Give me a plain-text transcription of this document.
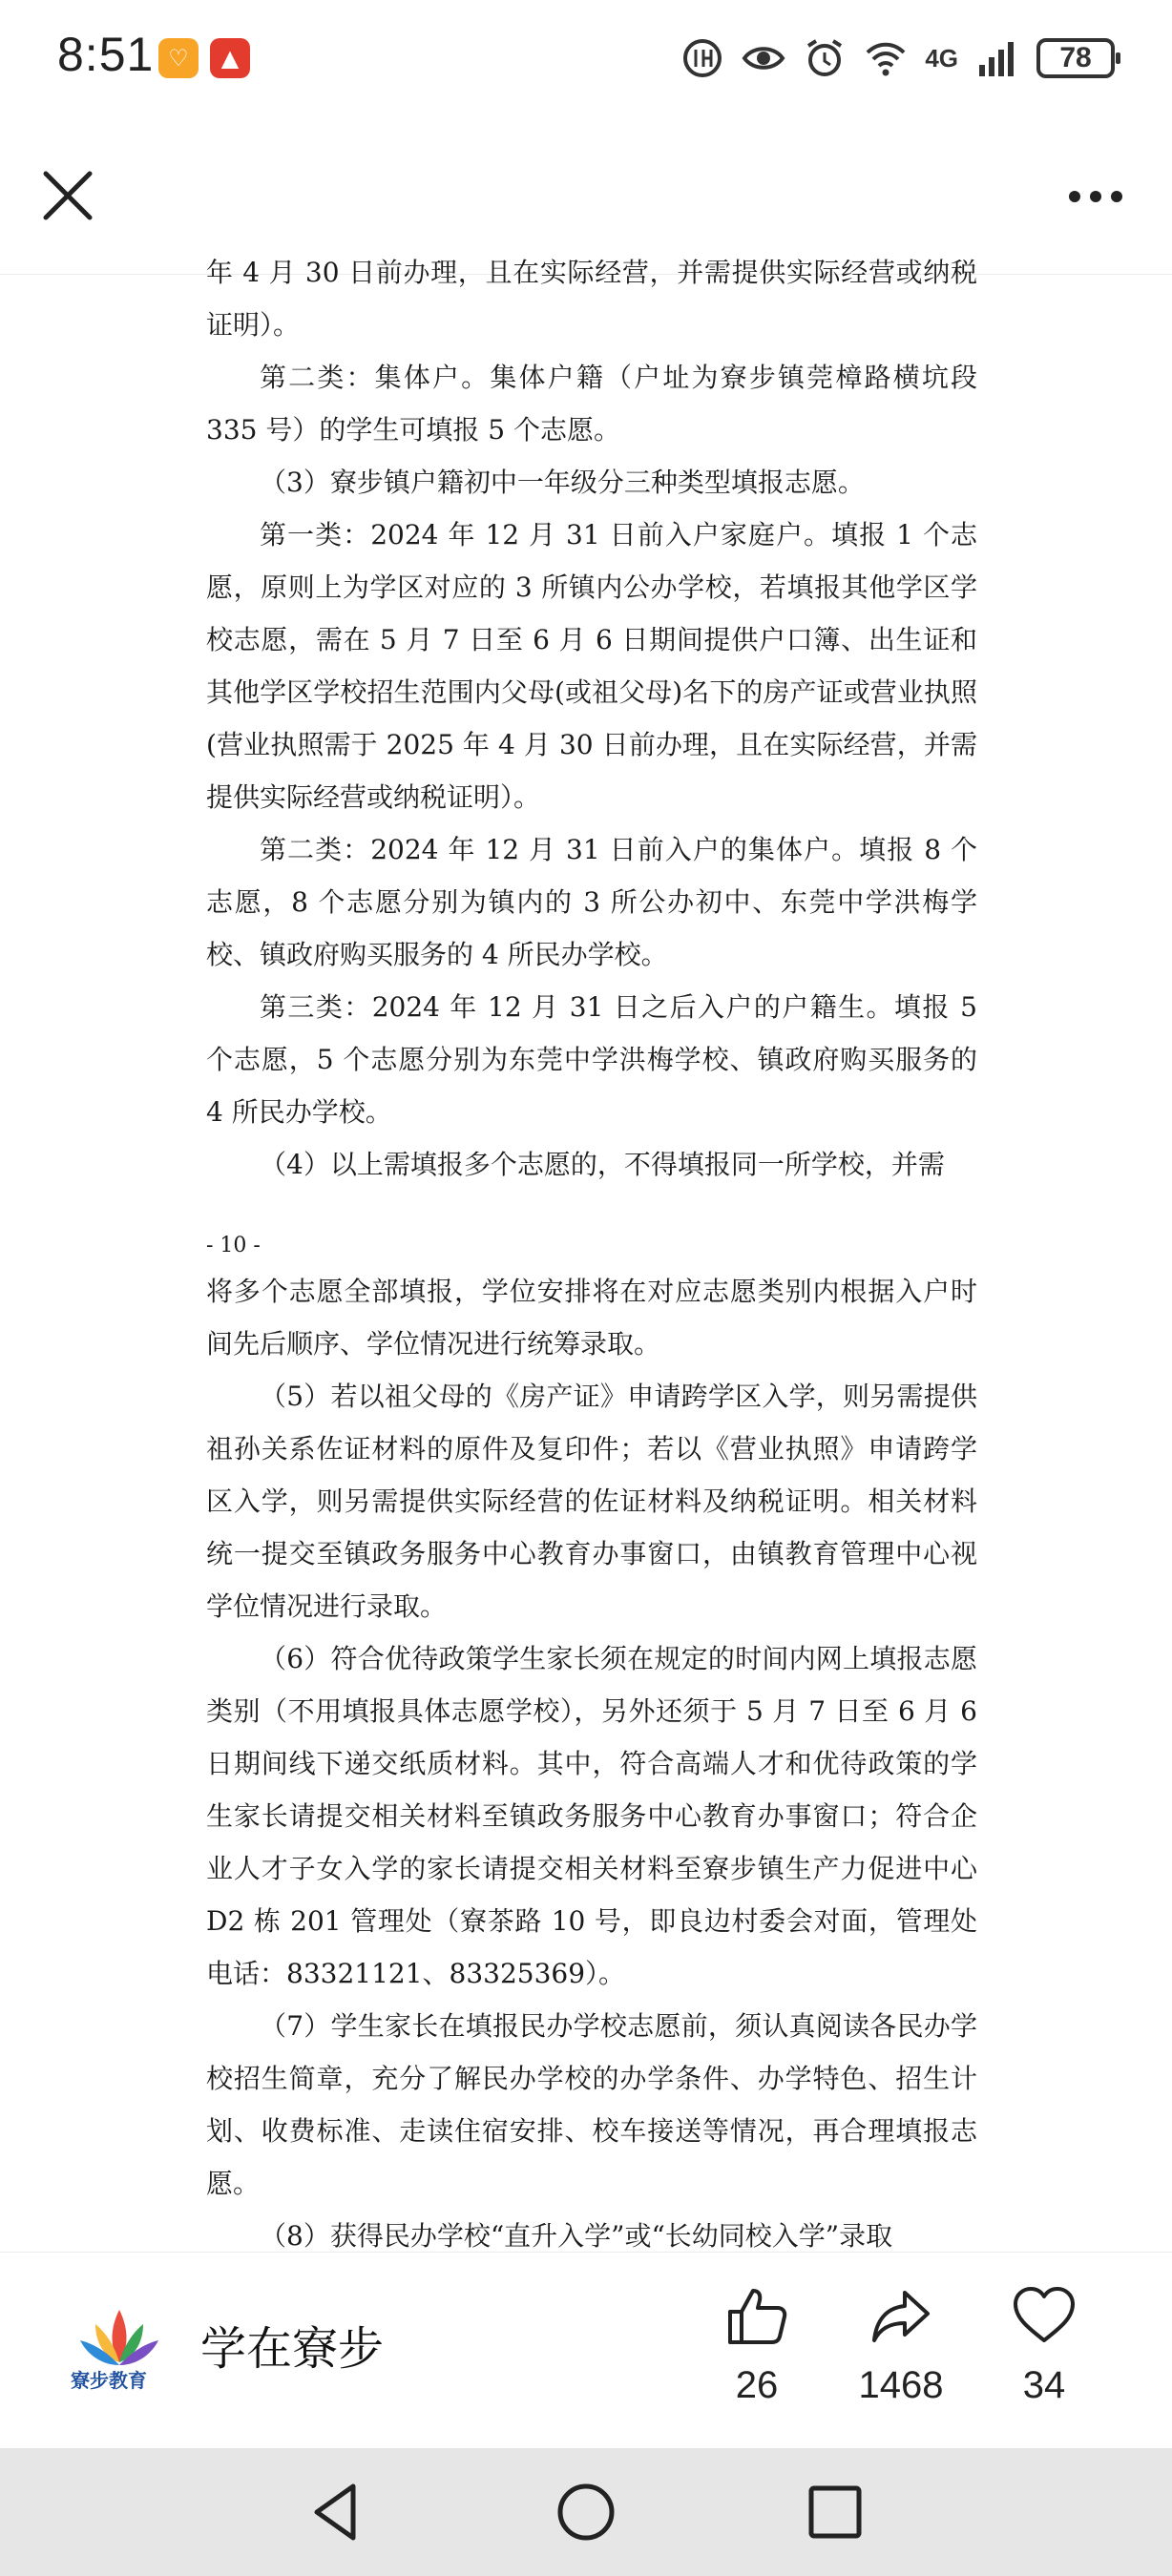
8:51 ♡	▲	4G	78

年 4 月 30 日前办理，且在实际经营，并需提供实际经营或纳税证明）。

第二类：集体户。集体户籍（户址为寮步镇莞樟路横坑段 335 号）的学生可填报 5 个志愿。

（3）寮步镇户籍初中一年级分三种类型填报志愿。

第一类：2024 年 12 月 31 日前入户家庭户。填报 1 个志愿，原则上为学区对应的 3 所镇内公办学校，若填报其他学区学校志愿，需在 5 月 7 日至 6 月 6 日期间提供户口簿、出生证和其他学区学校招生范围内父母(或祖父母)名下的房产证或营业执照(营业执照需于 2025 年 4 月 30 日前办理，且在实际经营，并需提供实际经营或纳税证明）。

第二类：2024 年 12 月 31 日前入户的集体户。填报 8 个志愿，8 个志愿分别为镇内的 3 所公办初中、东莞中学洪梅学校、镇政府购买服务的 4 所民办学校。

第三类：2024 年 12 月 31 日之后入户的户籍生。填报 5 个志愿，5 个志愿分别为东莞中学洪梅学校、镇政府购买服务的 4 所民办学校。

（4）以上需填报多个志愿的，不得填报同一所学校，并需

- 10 -

将多个志愿全部填报，学位安排将在对应志愿类别内根据入户时间先后顺序、学位情况进行统筹录取。

（5）若以祖父母的《房产证》申请跨学区入学，则另需提供祖孙关系佐证材料的原件及复印件；若以《营业执照》申请跨学区入学，则另需提供实际经营的佐证材料及纳税证明。相关材料统一提交至镇政务服务中心教育办事窗口，由镇教育管理中心视学位情况进行录取。

（6）符合优待政策学生家长须在规定的时间内网上填报志愿类别（不用填报具体志愿学校），另外还须于 5 月 7 日至 6 月 6 日期间线下递交纸质材料。其中，符合高端人才和优待政策的学生家长请提交相关材料至镇政务服务中心教育办事窗口；符合企业人才子女入学的家长请提交相关材料至寮步镇生产力促进中心 D2 栋 201 管理处（寮茶路 10 号，即良边村委会对面，管理处电话：83321121、83325369）。

（7）学生家长在填报民办学校志愿前，须认真阅读各民办学校招生简章，充分了解民办学校的办学条件、办学特色、招生计划、收费标准、走读住宿安排、校车接送等情况，再合理填报志愿。

（8）获得民办学校“直升入学”或“长幼同校入学”录取

寮步教育
学在寮步
26	1468	34
